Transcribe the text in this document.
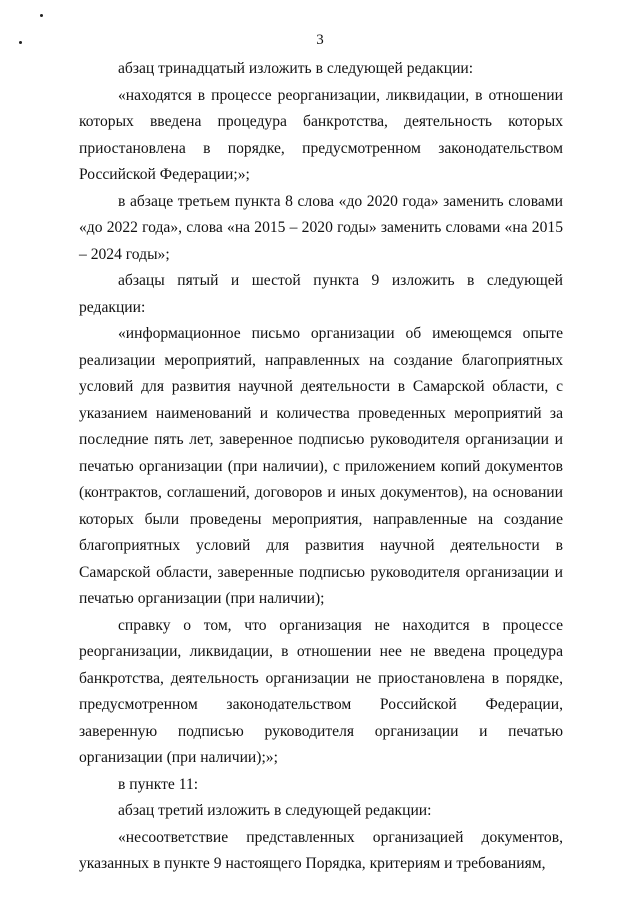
3

абзац тринадцатый изложить в следующей редакции:

«находятся в процессе реорганизации, ликвидации, в отношении которых введена процедура банкротства, деятельность которых приостановлена в порядке, предусмотренном законодательством Российской Федерации;»;

в абзаце третьем пункта 8 слова «до 2020 года» заменить словами «до 2022 года», слова «на 2015 – 2020 годы» заменить словами «на 2015 – 2024 годы»;

абзацы пятый и шестой пункта 9 изложить в следующей редакции:

«информационное письмо организации об имеющемся опыте реализации мероприятий, направленных на создание благоприятных условий для развития научной деятельности в Самарской области, с указанием наименований и количества проведенных мероприятий за последние пять лет, заверенное подписью руководителя организации и печатью организации (при наличии), с приложением копий документов (контрактов, соглашений, договоров и иных документов), на основании которых были проведены мероприятия, направленные на создание благоприятных условий для развития научной деятельности в Самарской области, заверенные подписью руководителя организации и печатью организации (при наличии);

справку о том, что организация не находится в процессе реорганизации, ликвидации, в отношении нее не введена процедура банкротства, деятельность организации не приостановлена в порядке, предусмотренном законодательством Российской Федерации, заверенную подписью руководителя организации и печатью организации (при наличии);»;

в пункте 11:

абзац третий изложить в следующей редакции:

«несоответствие представленных организацией документов, указанных в пункте 9 настоящего Порядка, критериям и требованиям,
